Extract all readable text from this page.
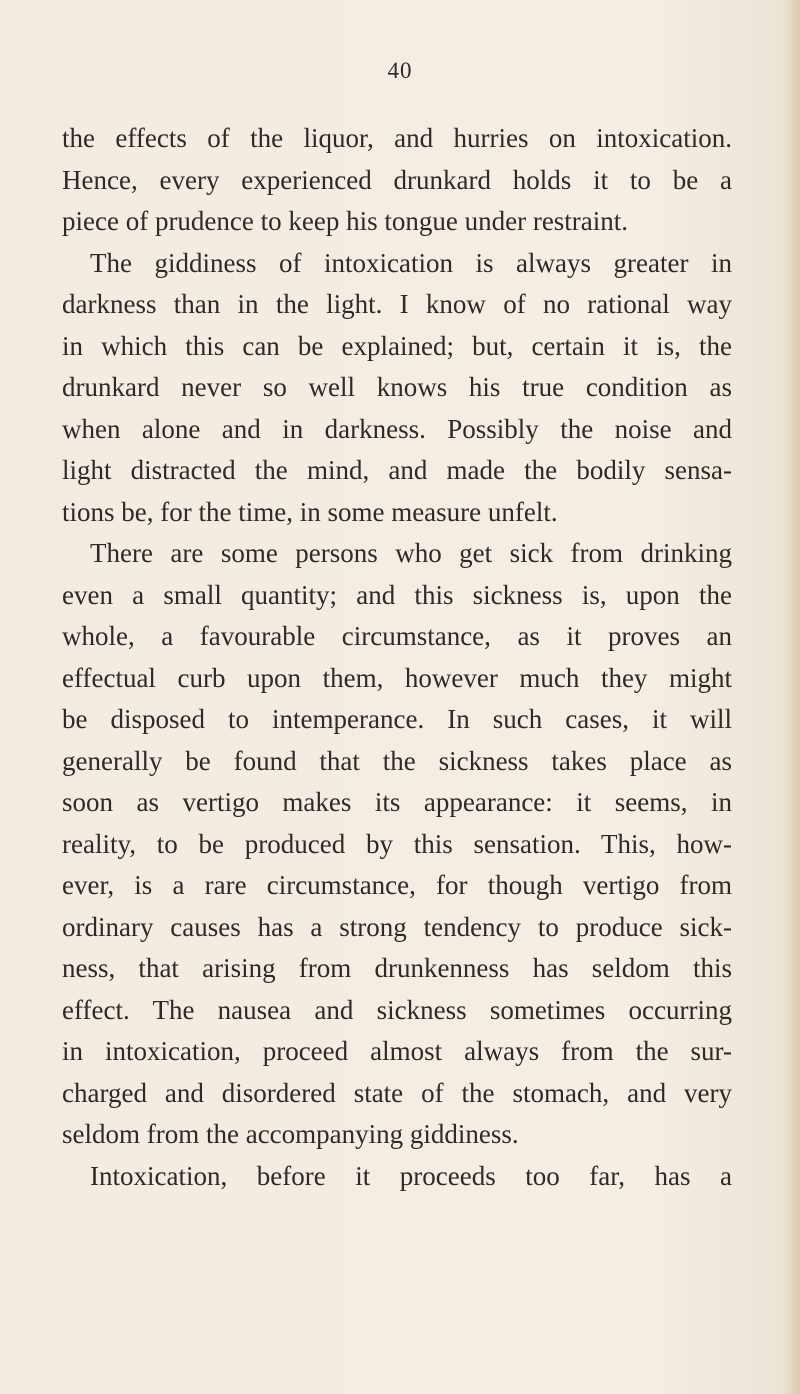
40
the effects of the liquor, and hurries on intoxication.
Hence, every experienced drunkard holds it to be a
piece of prudence to keep his tongue under restraint.
The giddiness of intoxication is always greater in
darkness than in the light. I know of no rational way
in which this can be explained; but, certain it is, the
drunkard never so well knows his true condition as
when alone and in darkness. Possibly the noise and
light distracted the mind, and made the bodily sensa-
tions be, for the time, in some measure unfelt.
There are some persons who get sick from drinking
even a small quantity; and this sickness is, upon the
whole, a favourable circumstance, as it proves an
effectual curb upon them, however much they might
be disposed to intemperance. In such cases, it will
generally be found that the sickness takes place as
soon as vertigo makes its appearance: it seems, in
reality, to be produced by this sensation. This, how-
ever, is a rare circumstance, for though vertigo from
ordinary causes has a strong tendency to produce sick-
ness, that arising from drunkenness has seldom this
effect. The nausea and sickness sometimes occurring
in intoxication, proceed almost always from the sur-
charged and disordered state of the stomach, and very
seldom from the accompanying giddiness.
Intoxication, before it proceeds too far, has a
